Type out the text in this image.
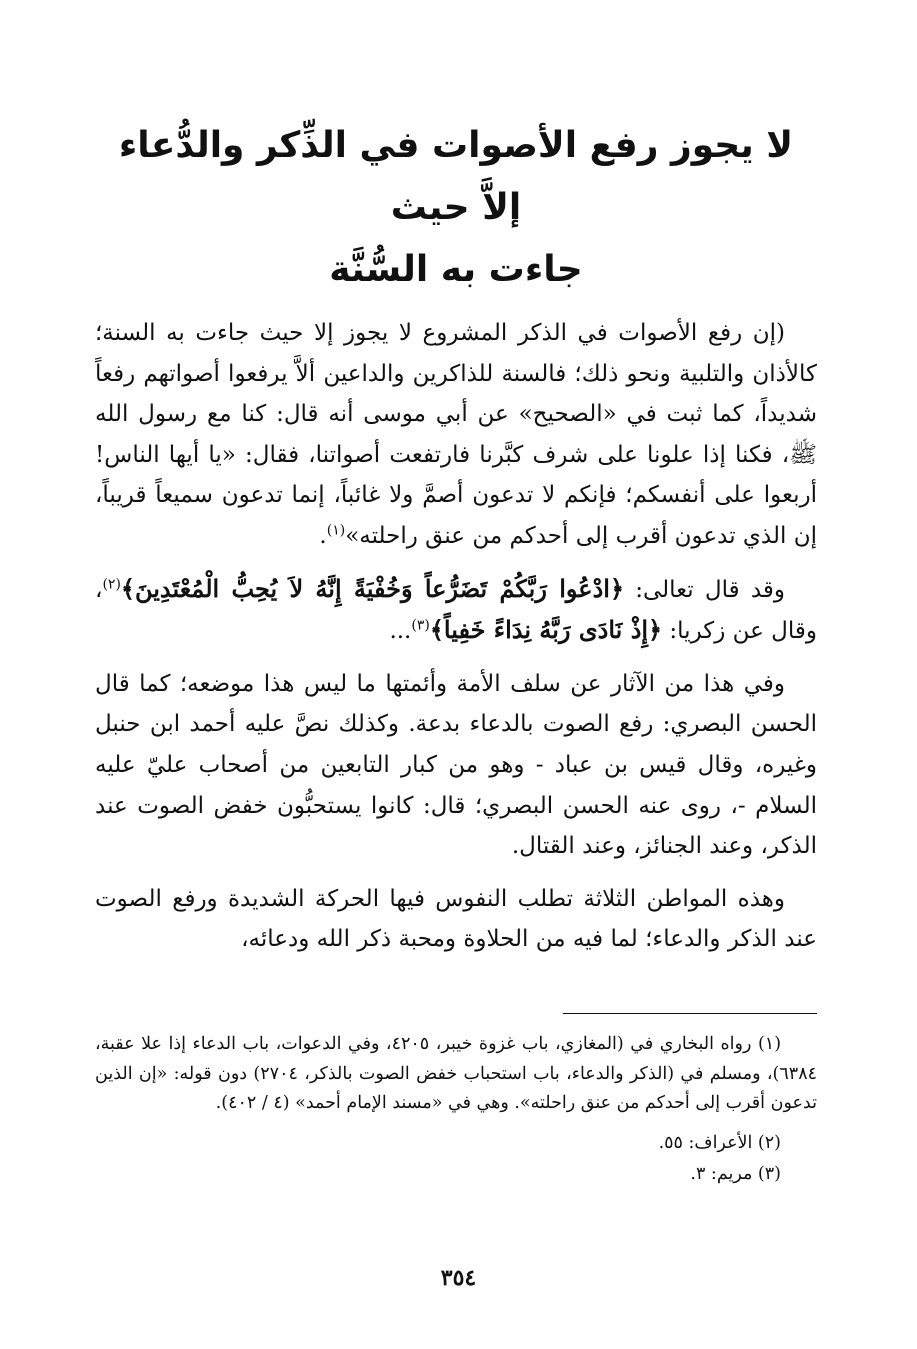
لا يجوز رفع الأصوات في الذِّكر والدُّعاء إلاَّ حيث
جاءت به السُّنَّة

(إن رفع الأصوات في الذكر المشروع لا يجوز إلا حيث جاءت به السنة؛ كالأذان والتلبية ونحو ذلك؛ فالسنة للذاكرين والداعين ألاَّ يرفعوا أصواتهم رفعاً شديداً، كما ثبت في «الصحيح» عن أبي موسى أنه قال: كنا مع رسول الله ﷺ، فكنا إذا علونا على شرف كبَّرنا فارتفعت أصواتنا، فقال: «يا أيها الناس! أربعوا على أنفسكم؛ فإنكم لا تدعون أصمَّ ولا غائباً، إنما تدعون سميعاً قريباً، إن الذي تدعون أقرب إلى أحدكم من عنق راحلته»$^{(١)}$.

وقد قال تعالى: ﴿ادْعُوا رَبَّكُمْ تَضَرُّعاً وَخُفْيَةً إِنَّهُ لاَ يُحِبُّ الْمُعْتَدِينَ﴾$^{(٢)}$، وقال عن زكريا: ﴿إِذْ نَادَى رَبَّهُ نِدَاءً خَفِياً﴾$^{(٣)}$...

وفي هذا من الآثار عن سلف الأمة وأئمتها ما ليس هذا موضعه؛ كما قال الحسن البصري: رفع الصوت بالدعاء بدعة. وكذلك نصَّ عليه أحمد ابن حنبل وغيره، وقال قيس بن عباد - وهو من كبار التابعين من أصحاب عليّ عليه السلام -، روى عنه الحسن البصري؛ قال: كانوا يستحبُّون خفض الصوت عند الذكر، وعند الجنائز، وعند القتال.

وهذه المواطن الثلاثة تطلب النفوس فيها الحركة الشديدة ورفع الصوت عند الذكر والدعاء؛ لما فيه من الحلاوة ومحبة ذكر الله ودعائه،

(١) رواه البخاري في (المغازي، باب غزوة خيبر، ٤٢٠٥، وفي الدعوات، باب الدعاء إذا علا عقبة، ٦٣٨٤)، ومسلم في (الذكر والدعاء، باب استحباب خفض الصوت بالذكر، ٢٧٠٤) دون قوله: «إن الذين تدعون أقرب إلى أحدكم من عنق راحلته». وهي في «مسند الإمام أحمد» (٤ / ٤٠٢).

(٢) الأعراف: ٥٥.

(٣) مريم: ٣.

٣٥٤
